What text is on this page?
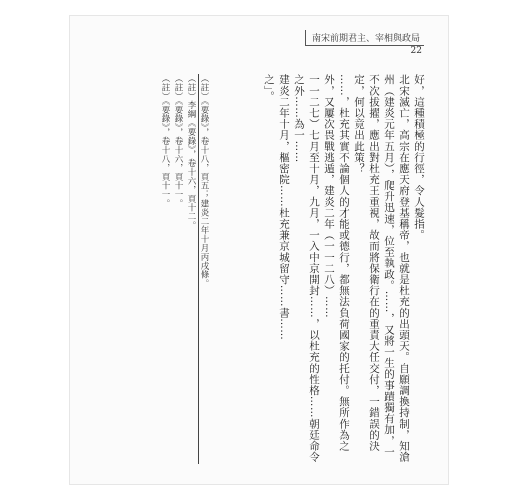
南宋前期君主、宰相與政局
22

好，這種積極的行徑，令人髮指。

北宋滅亡，高宗在應天府登基稱帝，也就是杜充的出頭天。自願調換持制，知滄州（建炎元年五月），爬升迅速，位至執政。……，又將一生的事蹟獨有加，一不次拔擢，應出對杜充王重視，故而將保衛行在的重責大任交付，一錯誤的決定，何以竟出此策？

……，杜充其實不論個人的才能或德行，都無法負荷國家的托付。無所作為之外，又屢次畏戰逃遁，建炎二年（一一二八）……

一一二七）七月至十月，九月，一入中京開封……，以杜充的性格……朝廷命令之外……為一……

建炎二年十月，樞密院……杜充兼京城留守……書……

之」。

（註）《要錄》，卷十八，頁五；建炎二年十月丙戌條。
（註）李綱《要錄》，卷十六，頁十二。
（註）《要錄》，卷十六，頁十一。
（註）《要錄》，卷十八，頁十一。
